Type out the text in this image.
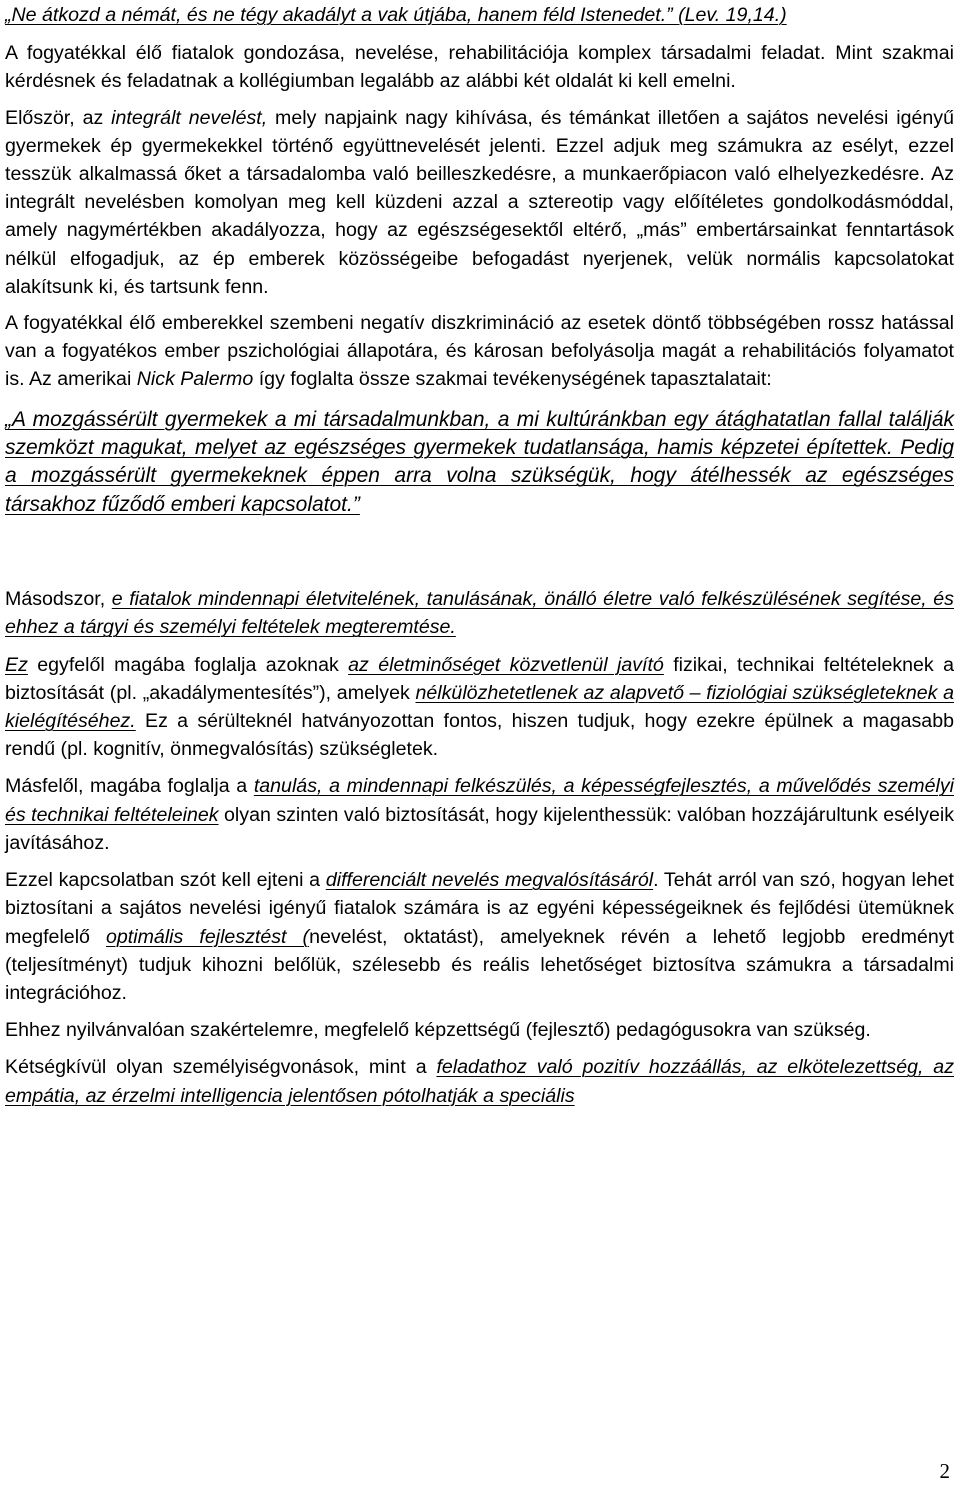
„Ne átkozd a némát, és ne tégy akadályt a vak útjába, hanem féld Istenedet.” (Lev. 19,14.)

A fogyatékkal élő fiatalok gondozása, nevelése, rehabilitációja komplex társadalmi feladat. Mint szakmai kérdésnek és feladatnak a kollégiumban legalább az alábbi két oldalát ki kell emelni.

Először, az integrált nevelést, mely napjaink nagy kihívása, és témánkat illetően a sajátos nevelési igényű gyermekek ép gyermekekkel történő együttnevelését jelenti. Ezzel adjuk meg számukra az esélyt, ezzel tesszük alkalmassá őket a társadalomba való beilleszkedésre, a munkaerőpiacon való elhelyezkedésre. Az integrált nevelésben komolyan meg kell küzdeni azzal a sztereotip vagy előítéletes gondolkodásmóddal, amely nagymértékben akadályozza, hogy az egészségesektől eltérő, „más” embertársainkat fenntartások nélkül elfogadjuk, az ép emberek közösségeibe befogadást nyerjenek, velük normális kapcsolatokat alakítsunk ki, és tartsunk fenn.

A fogyatékkal élő emberekkel szembeni negatív diszkrimináció az esetek döntő többségében rossz hatással van a fogyatékos ember pszichológiai állapotára, és károsan befolyásolja magát a rehabilitációs folyamatot is. Az amerikai Nick Palermo így foglalta össze szakmai tevékenységének tapasztalatait:

„A mozgássérült gyermekek a mi társadalmunkban, a mi kultúránkban egy átághatatlan fallal találják szemközt magukat, melyet az egészséges gyermekek tudatlansága, hamis képzetei építettek. Pedig a mozgássérült gyermekeknek éppen arra volna szükségük, hogy átélhessék az egészséges társakhoz fűződő emberi kapcsolatot.”

Másodszor, e fiatalok mindennapi életvitelének, tanulásának, önálló életre való felkészülésének segítése, és ehhez a tárgyi és személyi feltételek megteremtése.

Ez egyfelől magába foglalja azoknak az életminőséget közvetlenül javító fizikai, technikai feltételeknek a biztosítását (pl. „akadálymentesítés”), amelyek nélkülözhetetlenek az alapvető – fiziológiai szükségleteknek a kielégítéséhez. Ez a sérülteknél hatványozottan fontos, hiszen tudjuk, hogy ezekre épülnek a magasabb rendű (pl. kognitív, önmegvalósítás) szükségletek.

Másfelől, magába foglalja a tanulás, a mindennapi felkészülés, a képességfejlesztés, a művelődés személyi és technikai feltételeinek olyan szinten való biztosítását, hogy kijelenthessük: valóban hozzájárultunk esélyeik javításához.

Ezzel kapcsolatban szót kell ejteni a differenciált nevelés megvalósításáról. Tehát arról van szó, hogyan lehet biztosítani a sajátos nevelési igényű fiatalok számára is az egyéni képességeiknek és fejlődési ütemüknek megfelelő optimális fejlesztést (nevelést, oktatást), amelyeknek révén a lehető legjobb eredményt (teljesítményt) tudjuk kihozni belőlük, szélesebb és reális lehetőséget biztosítva számukra a társadalmi integrációhoz.

Ehhez nyilvánvalóan szakértelemre, megfelelő képzettségű (fejlesztő) pedagógusokra van szükség.

Kétségkívül olyan személyiségvonások, mint a feladathoz való pozitív hozzáállás, az elkötelezettség, az empátia, az érzelmi intelligencia jelentősen pótolhatják a speciális

2
